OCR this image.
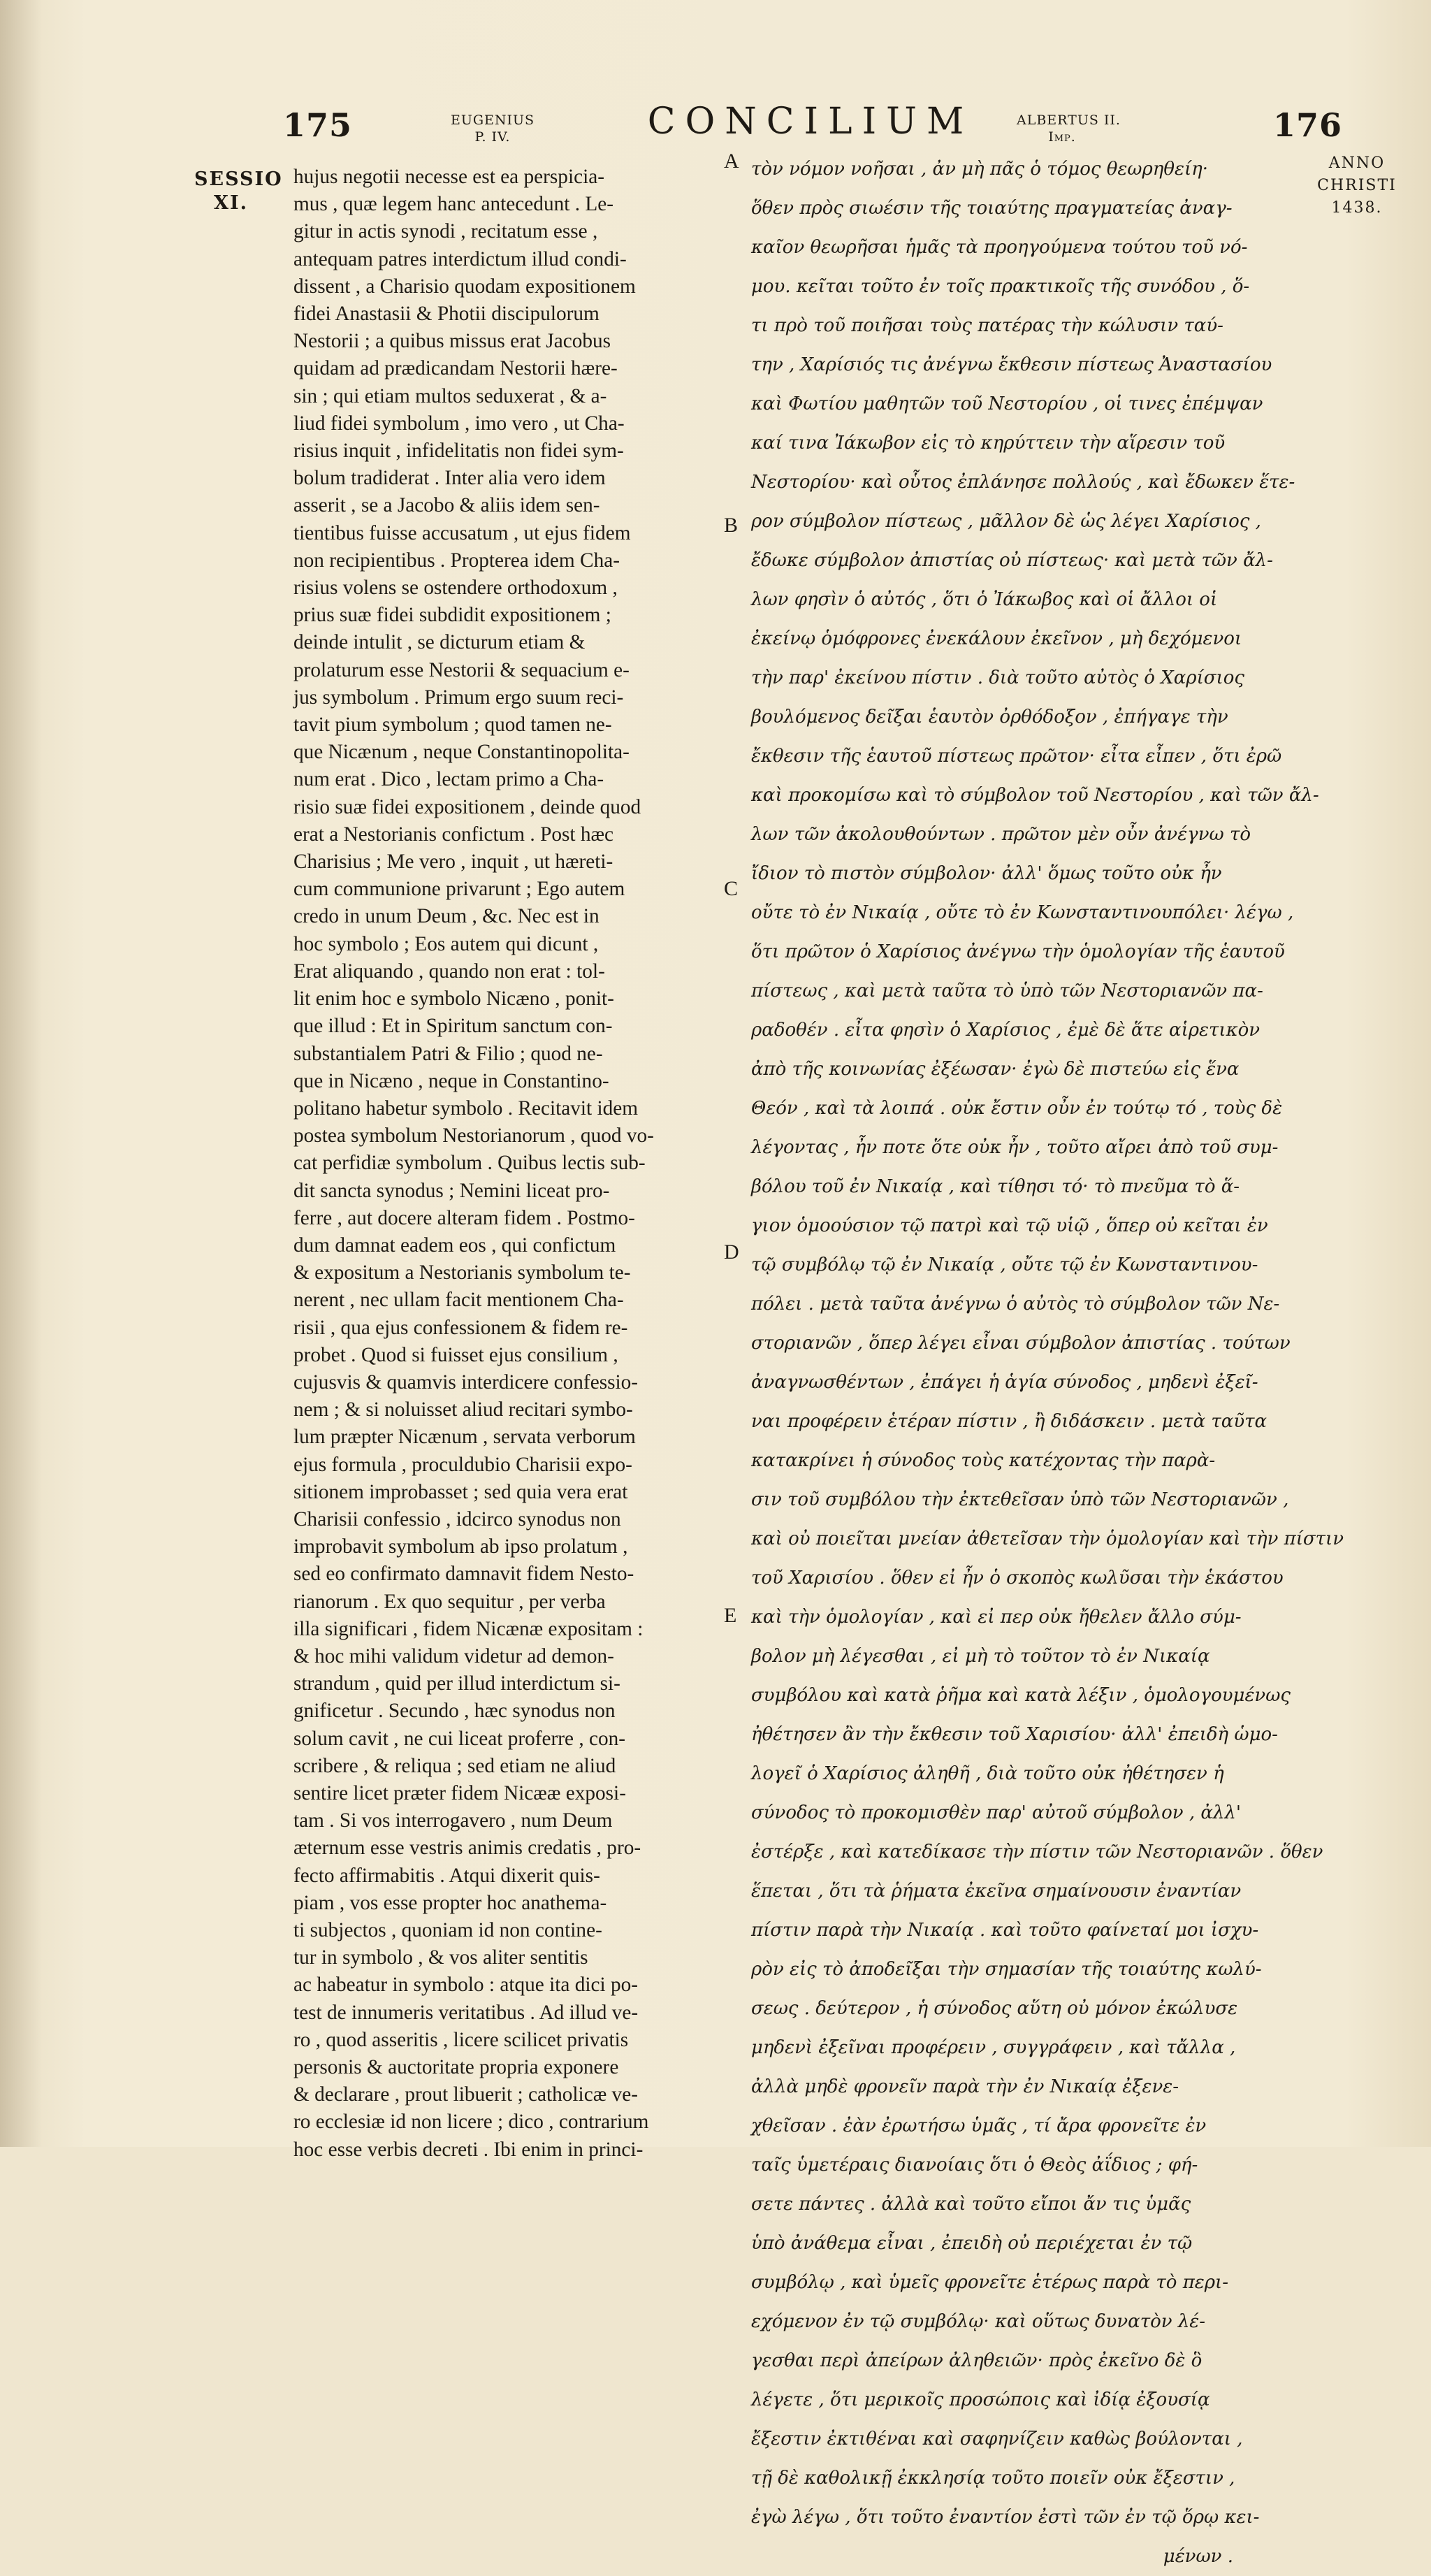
175	EUGENIUS
P. IV.	CONCILIUM	ALBERTUS II.
Imp.	176
SESSIO
XI.
ANNO
CHRISTI
1438.
A
B
C
D
E
hujus negotii necesse est ea perspicia-
mus , quæ legem hanc antecedunt . Le-
gitur in actis synodi , recitatum esse ,
antequam patres interdictum illud condi-
dissent , a Charisio quodam expositionem
fidei Anastasii & Photii discipulorum
Nestorii ; a quibus missus erat Jacobus
quidam ad prædicandam Nestorii hære-
sin ; qui etiam multos seduxerat , & a-
liud fidei symbolum , imo vero , ut Cha-
risius inquit , infidelitatis non fidei sym-
bolum tradiderat . Inter alia vero idem
asserit , se a Jacobo & aliis idem sen-
tientibus fuisse accusatum , ut ejus fidem
non recipientibus . Propterea idem Cha-
risius volens se ostendere orthodoxum ,
prius suæ fidei subdidit expositionem ;
deinde intulit , se dicturum etiam &
prolaturum esse Nestorii & sequacium e-
jus symbolum . Primum ergo suum reci-
tavit pium symbolum ; quod tamen ne-
que Nicænum , neque Constantinopolita-
num erat . Dico , lectam primo a Cha-
risio suæ fidei expositionem , deinde quod
erat a Nestorianis confictum . Post hæc
Charisius ; Me vero , inquit , ut hæreti-
cum communione privarunt ; Ego autem
credo in unum Deum , &c. Nec est in
hoc symbolo ; Eos autem qui dicunt ,
Erat aliquando , quando non erat : tol-
lit enim hoc e symbolo Nicæno , ponit-
que illud : Et in Spiritum sanctum con-
substantialem Patri & Filio ; quod ne-
que in Nicæno , neque in Constantino-
politano habetur symbolo . Recitavit idem
postea symbolum Nestorianorum , quod vo-
cat perfidiæ symbolum . Quibus lectis sub-
dit sancta synodus ; Nemini liceat pro-
ferre , aut docere alteram fidem . Postmo-
dum damnat eadem eos , qui confictum
& expositum a Nestorianis symbolum te-
nerent , nec ullam facit mentionem Cha-
risii , qua ejus confessionem & fidem re-
probet . Quod si fuisset ejus consilium ,
cujusvis & quamvis interdicere confessio-
nem ; & si noluisset aliud recitari symbo-
lum præpter Nicænum , servata verborum
ejus formula , proculdubio Charisii expo-
sitionem improbasset ; sed quia vera erat
Charisii confessio , idcirco synodus non
improbavit symbolum ab ipso prolatum ,
sed eo confirmato damnavit fidem Nesto-
rianorum . Ex quo sequitur , per verba
illa significari , fidem Nicænæ expositam :
& hoc mihi validum videtur ad demon-
strandum , quid per illud interdictum si-
gnificetur . Secundo , hæc synodus non
solum cavit , ne cui liceat proferre , con-
scribere , & reliqua ; sed etiam ne aliud
sentire licet præter fidem Nicææ exposi-
tam . Si vos interrogavero , num Deum
æternum esse vestris animis credatis , pro-
fecto affirmabitis . Atqui dixerit quis-
piam , vos esse propter hoc anathema-
ti subjectos , quoniam id non contine-
tur in symbolo , & vos aliter sentitis
ac habeatur in symbolo : atque ita dici po-
test de innumeris veritatibus . Ad illud ve-
ro , quod asseritis , licere scilicet privatis
personis & auctoritate propria exponere
& declarare , prout libuerit ; catholicæ ve-
ro ecclesiæ id non licere ; dico , contrarium
hoc esse verbis decreti . Ibi enim in princi-
τὸν νόμον νοῆσαι , ἀν μὴ πᾶς ὁ τόμος θεωρηθείη·
ὅθεν πρὸς σιωέσιν τῆς τοιαύτης πραγματείας ἀναγ-
καῖον θεωρῆσαι ἡμᾶς τὰ προηγούμενα τούτου τοῦ νό-
μου. κεῖται τοῦτο ἐν τοῖς πρακτικοῖς τῆς συνόδου , ὅ-
τι πρὸ τοῦ ποιῆσαι τοὺς πατέρας τὴν κώλυσιν ταύ-
την , Χαρίσιός τις ἀνέγνω ἔκθεσιν πίστεως Ἀναστασίου
καὶ Φωτίου μαθητῶν τοῦ Νεστορίου , οἱ τινες ἐπέμψαν
καί τινα Ἰάκωβον εἰς τὸ κηρύττειν τὴν αἵρεσιν τοῦ
Νεστορίου· καὶ οὗτος ἐπλάνησε πολλούς , καὶ ἔδωκεν ἕτε-
ρον σύμβολον πίστεως , μᾶλλον δὲ ὡς λέγει Χαρίσιος ,
ἔδωκε σύμβολον ἀπιστίας οὐ πίστεως· καὶ μετὰ τῶν ἄλ-
λων φησὶν ὁ αὐτός , ὅτι ὁ Ἰάκωβος καὶ οἱ ἄλλοι οἱ
ἐκείνῳ ὁμόφρονες ἐνεκάλουν ἐκεῖνον , μὴ δεχόμενοι
τὴν παρ' ἐκείνου πίστιν . διὰ τοῦτο αὐτὸς ὁ Χαρίσιος
βουλόμενος δεῖξαι ἑαυτὸν ὀρθόδοξον , ἐπήγαγε τὴν
ἔκθεσιν τῆς ἑαυτοῦ πίστεως πρῶτον· εἶτα εἶπεν , ὅτι ἐρῶ
καὶ προκομίσω καὶ τὸ σύμβολον τοῦ Νεστορίου , καὶ τῶν ἄλ-
λων τῶν ἀκολουθούντων . πρῶτον μὲν οὖν ἀνέγνω τὸ
ἴδιον τὸ πιστὸν σύμβολον· ἀλλ' ὅμως τοῦτο οὐκ ἦν
οὔτε τὸ ἐν Νικαίᾳ , οὔτε τὸ ἐν Κωνσταντινουπόλει· λέγω ,
ὅτι πρῶτον ὁ Χαρίσιος ἀνέγνω τὴν ὁμολογίαν τῆς ἑαυτοῦ
πίστεως , καὶ μετὰ ταῦτα τὸ ὑπὸ τῶν Νεστοριανῶν πα-
ραδοθέν . εἶτα φησὶν ὁ Χαρίσιος , ἐμὲ δὲ ἅτε αἱρετικὸν
ἀπὸ τῆς κοινωνίας ἐξέωσαν· ἐγὼ δὲ πιστεύω εἰς ἕνα
Θεόν , καὶ τὰ λοιπά . οὐκ ἔστιν οὖν ἐν τούτῳ τό , τοὺς δὲ
λέγοντας , ἦν ποτε ὅτε οὐκ ἦν , τοῦτο αἴρει ἀπὸ τοῦ συμ-
βόλου τοῦ ἐν Νικαίᾳ , καὶ τίθησι τό· τὸ πνεῦμα τὸ ἅ-
γιον ὁμοούσιον τῷ πατρὶ καὶ τῷ υἱῷ , ὅπερ οὐ κεῖται ἐν
τῷ συμβόλῳ τῷ ἐν Νικαίᾳ , οὔτε τῷ ἐν Κωνσταντινου-
πόλει . μετὰ ταῦτα ἀνέγνω ὁ αὐτὸς τὸ σύμβολον τῶν Νε-
στοριανῶν , ὅπερ λέγει εἶναι σύμβολον ἀπιστίας . τούτων
ἀναγνωσθέντων , ἐπάγει ἡ ἁγία σύνοδος , μηδενὶ ἐξεῖ-
ναι προφέρειν ἑτέραν πίστιν , ἢ διδάσκειν . μετὰ ταῦτα
κατακρίνει ἡ σύνοδος τοὺς κατέχοντας τὴν παρὰ-
σιν τοῦ συμβόλου τὴν ἐκτεθεῖσαν ὑπὸ τῶν Νεστοριανῶν ,
καὶ οὐ ποιεῖται μνείαν ἀθετεῖσαν τὴν ὁμολογίαν καὶ τὴν πίστιν
τοῦ Χαρισίου . ὅθεν εἰ ἦν ὁ σκοπὸς κωλῦσαι τὴν ἑκάστου
καὶ τὴν ὁμολογίαν , καὶ εἰ περ οὐκ ἤθελεν ἄλλο σύμ-
βολον μὴ λέγεσθαι , εἰ μὴ τὸ τοῦτον τὸ ἐν Νικαίᾳ
συμβόλου καὶ κατὰ ῥῆμα καὶ κατὰ λέξιν , ὁμολογουμένως
ἠθέτησεν ἂν τὴν ἔκθεσιν τοῦ Χαρισίου· ἀλλ' ἐπειδὴ ὡμο-
λογεῖ ὁ Χαρίσιος ἀληθῆ , διὰ τοῦτο οὐκ ἠθέτησεν ἡ
σύνοδος τὸ προκομισθὲν παρ' αὐτοῦ σύμβολον , ἀλλ'
ἐστέρξε , καὶ κατεδίκασε τὴν πίστιν τῶν Νεστοριανῶν . ὅθεν
ἕπεται , ὅτι τὰ ῥήματα ἐκεῖνα σημαίνουσιν ἐναντίαν
πίστιν παρὰ τὴν Νικαίᾳ . καὶ τοῦτο φαίνεταί μοι ἰσχυ-
ρὸν εἰς τὸ ἀποδεῖξαι τὴν σημασίαν τῆς τοιαύτης κωλύ-
σεως . δεύτερον , ἡ σύνοδος αὕτη οὐ μόνον ἐκώλυσε
μηδενὶ ἐξεῖναι προφέρειν , συγγράφειν , καὶ τἄλλα ,
ἀλλὰ μηδὲ φρονεῖν παρὰ τὴν ἐν Νικαίᾳ ἐξενε-
χθεῖσαν . ἐὰν ἐρωτήσω ὑμᾶς , τί ἄρα φρονεῖτε ἐν
ταῖς ὑμετέραις διανοίαις ὅτι ὁ Θεὸς ἀΐδιος ; φή-
σετε πάντες . ἀλλὰ καὶ τοῦτο εἴποι ἄν τις ὑμᾶς
ὑπὸ ἀνάθεμα εἶναι , ἐπειδὴ οὐ περιέχεται ἐν τῷ
συμβόλῳ , καὶ ὑμεῖς φρονεῖτε ἑτέρως παρὰ τὸ περι-
εχόμενον ἐν τῷ συμβόλῳ· καὶ οὕτως δυνατὸν λέ-
γεσθαι περὶ ἀπείρων ἀληθειῶν· πρὸς ἐκεῖνο δὲ ὃ
λέγετε , ὅτι μερικοῖς προσώποις καὶ ἰδίᾳ ἐξουσίᾳ
ἔξεστιν ἐκτιθέναι καὶ σαφηνίζειν καθὼς βούλονται ,
τῇ δὲ καθολικῇ ἐκκλησίᾳ τοῦτο ποιεῖν οὐκ ἔξεστιν ,
ἐγὼ λέγω , ὅτι τοῦτο ἐναντίον ἐστὶ τῶν ἐν τῷ ὅρῳ κει-
μένων .
